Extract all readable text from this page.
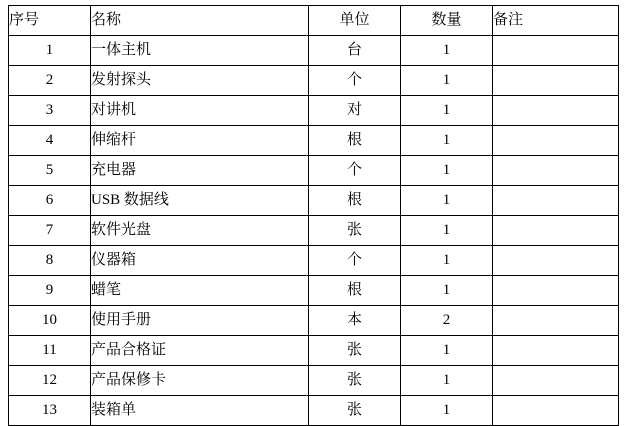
序号	名称	单位	数量	备注
1	一体主机	台	1	
2	发射探头	个	1	
3	对讲机	对	1	
4	伸缩杆	根	1	
5	充电器	个	1	
6	USB 数据线	根	1	
7	软件光盘	张	1	
8	仪器箱	个	1	
9	蜡笔	根	1	
10	使用手册	本	2	
11	产品合格证	张	1	
12	产品保修卡	张	1	
13	装箱单	张	1	
